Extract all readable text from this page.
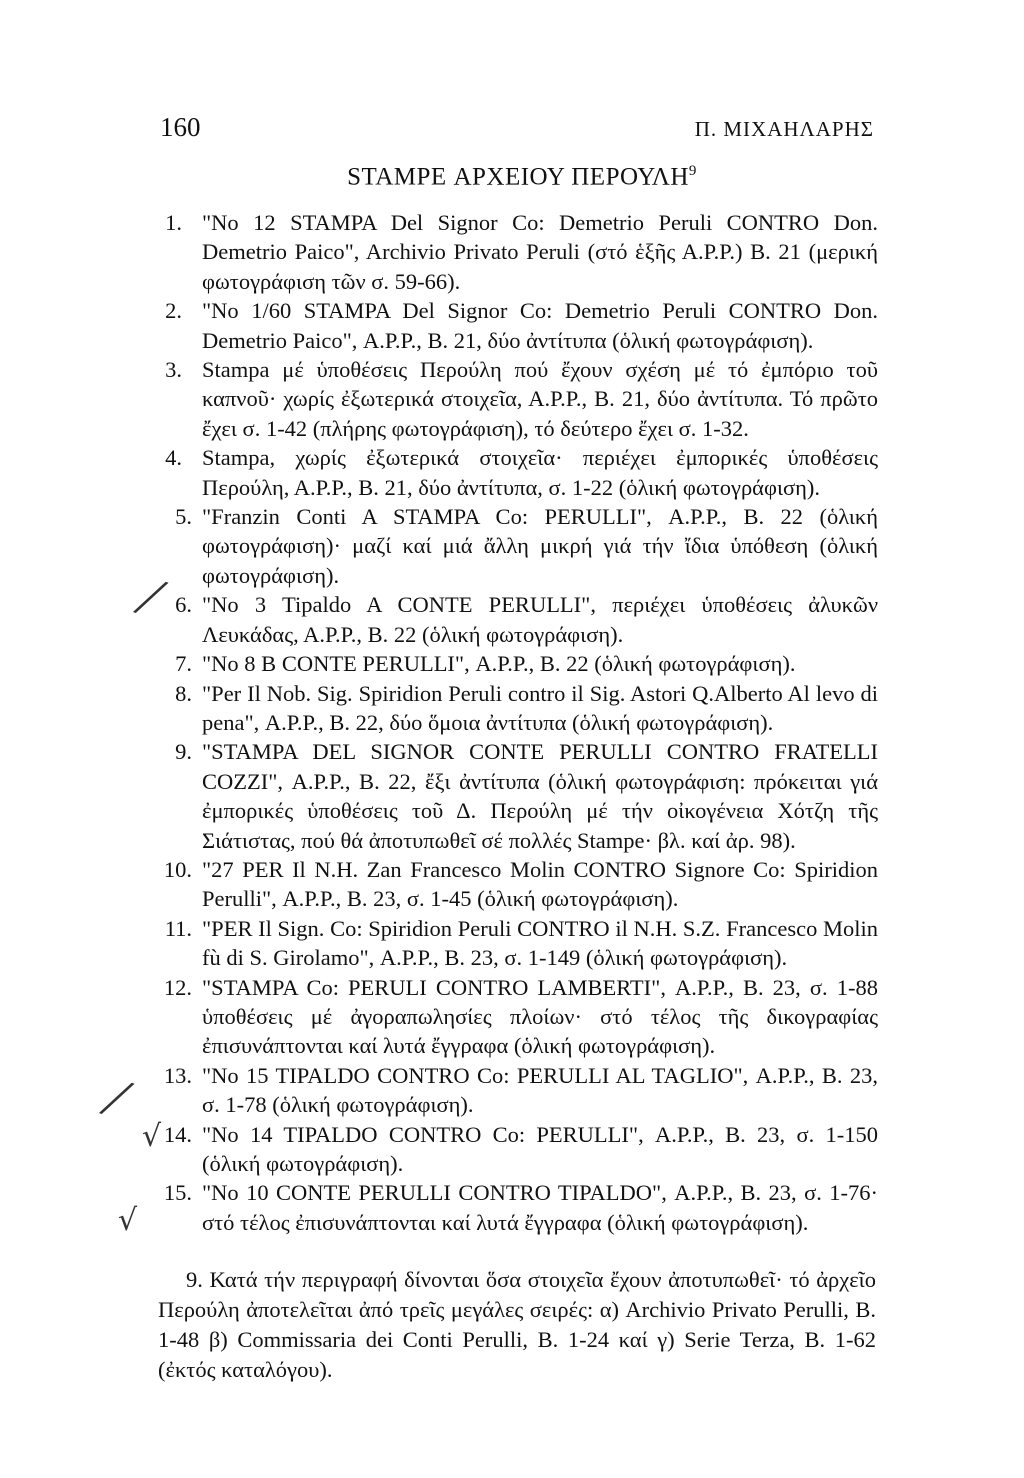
160	Π. ΜΙΧΑΗΛΑΡΗΣ
STAMPE ΑΡΧΕΙΟΥ ΠΕΡΟΥΛΗ$^9$
1. "No 12 STAMPA Del Signor Co: Demetrio Peruli CONTRO Don. Demetrio Paico", Archivio Privato Peruli (στό ἑξῆς Α.Ρ.Ρ.) Β. 21 (μερική φωτογράφιση τῶν σ. 59-66).
2. "No 1/60 STAMPA Del Signor Co: Demetrio Peruli CONTRO Don. Demetrio Paico", Α.Ρ.Ρ., Β. 21, δύο ἀντίτυπα (ὁλική φωτογράφιση).
3. Stampa μέ ὑποθέσεις Περούλη πού ἔχουν σχέση μέ τό ἐμπόριο τοῦ καπνοῦ· χωρίς ἐξωτερικά στοιχεῖα, Α.Ρ.Ρ., Β. 21, δύο ἀντίτυπα. Τό πρῶτο ἔχει σ. 1-42 (πλήρης φωτογράφιση), τό δεύτερο ἔχει σ. 1-32.
4. Stampa, χωρίς ἐξωτερικά στοιχεῖα· περιέχει ἐμπορικές ὑποθέσεις Περούλη, Α.Ρ.Ρ., Β. 21, δύο ἀντίτυπα, σ. 1-22 (ὁλική φωτογράφιση).
5. "Franzin Conti A STAMPA Co: PERULLI", Α.Ρ.Ρ., Β. 22 (ὁλική φωτογράφιση)· μαζί καί μιά ἄλλη μικρή γιά τήν ἴδια ὑπόθεση (ὁλική φωτογράφιση).
╱ 6. "No 3 Tipaldo A CONTE PERULLI", περιέχει ὑποθέσεις ἀλυκῶν Λευκάδας, Α.Ρ.Ρ., Β. 22 (ὁλική φωτογράφιση).
7. "No 8 B CONTE PERULLI", Α.Ρ.Ρ., Β. 22 (ὁλική φωτογράφιση).
8. "Per Il Nob. Sig. Spiridion Peruli contro il Sig. Astori Q.Alberto Al levo di pena", Α.Ρ.Ρ., Β. 22, δύο ὅμοια ἀντίτυπα (ὁλική φωτογράφιση).
9. "STAMPA DEL SIGNOR CONTE PERULLI CONTRO FRATELLI COZZI", Α.Ρ.Ρ., Β. 22, ἔξι ἀντίτυπα (ὁλική φωτογράφιση: πρόκειται γιά ἐμπορικές ὑποθέσεις τοῦ Δ. Περούλη μέ τήν οἰκογένεια Χότζη τῆς Σιάτιστας, πού θά ἀποτυπωθεῖ σέ πολλές Stampe· βλ. καί ἀρ. 98).
10. "27 PER Il N.H. Zan Francesco Molin CONTRO Signore Co: Spiridion Perulli", Α.Ρ.Ρ., Β. 23, σ. 1-45 (ὁλική φωτογράφιση).
11. "PER Il Sign. Co: Spiridion Peruli CONTRO il N.H. S.Z. Francesco Molin fù di S. Girolamo", Α.Ρ.Ρ., Β. 23, σ. 1-149 (ὁλική φωτογράφιση).
12. "STAMPA Co: PERULI CONTRO LAMBERTI", Α.Ρ.Ρ., Β. 23, σ. 1-88 ὑποθέσεις μέ ἀγοραπωλησίες πλοίων· στό τέλος τῆς δικογραφίας ἐπισυνάπτονται καί λυτά ἔγγραφα (ὁλική φωτογράφιση).
╱
13. "No 15 TIPALDO CONTRO Co: PERULLI AL TAGLIO", Α.Ρ.Ρ., Β. 23, σ. 1-78 (ὁλική φωτογράφιση).
√ 14. "No 14 TIPALDO CONTRO Co: PERULLI", Α.Ρ.Ρ., Β. 23, σ. 1-150 (ὁλική φωτογράφιση).
√
15. "No 10 CONTE PERULLI CONTRO TIPALDO", Α.Ρ.Ρ., Β. 23, σ. 1-76· στό τέλος ἐπισυνάπτονται καί λυτά ἔγγραφα (ὁλική φωτογράφιση).

9. Κατά τήν περιγραφή δίνονται ὅσα στοιχεῖα ἔχουν ἀποτυπωθεῖ· τό ἀρχεῖο Περούλη ἀποτελεῖται ἀπό τρεῖς μεγάλες σειρές: α) Archivio Privato Perulli, Β. 1-48 β) Commissaria dei Conti Perulli, Β. 1-24 καί γ) Serie Terza, Β. 1-62 (ἐκτός καταλόγου).
